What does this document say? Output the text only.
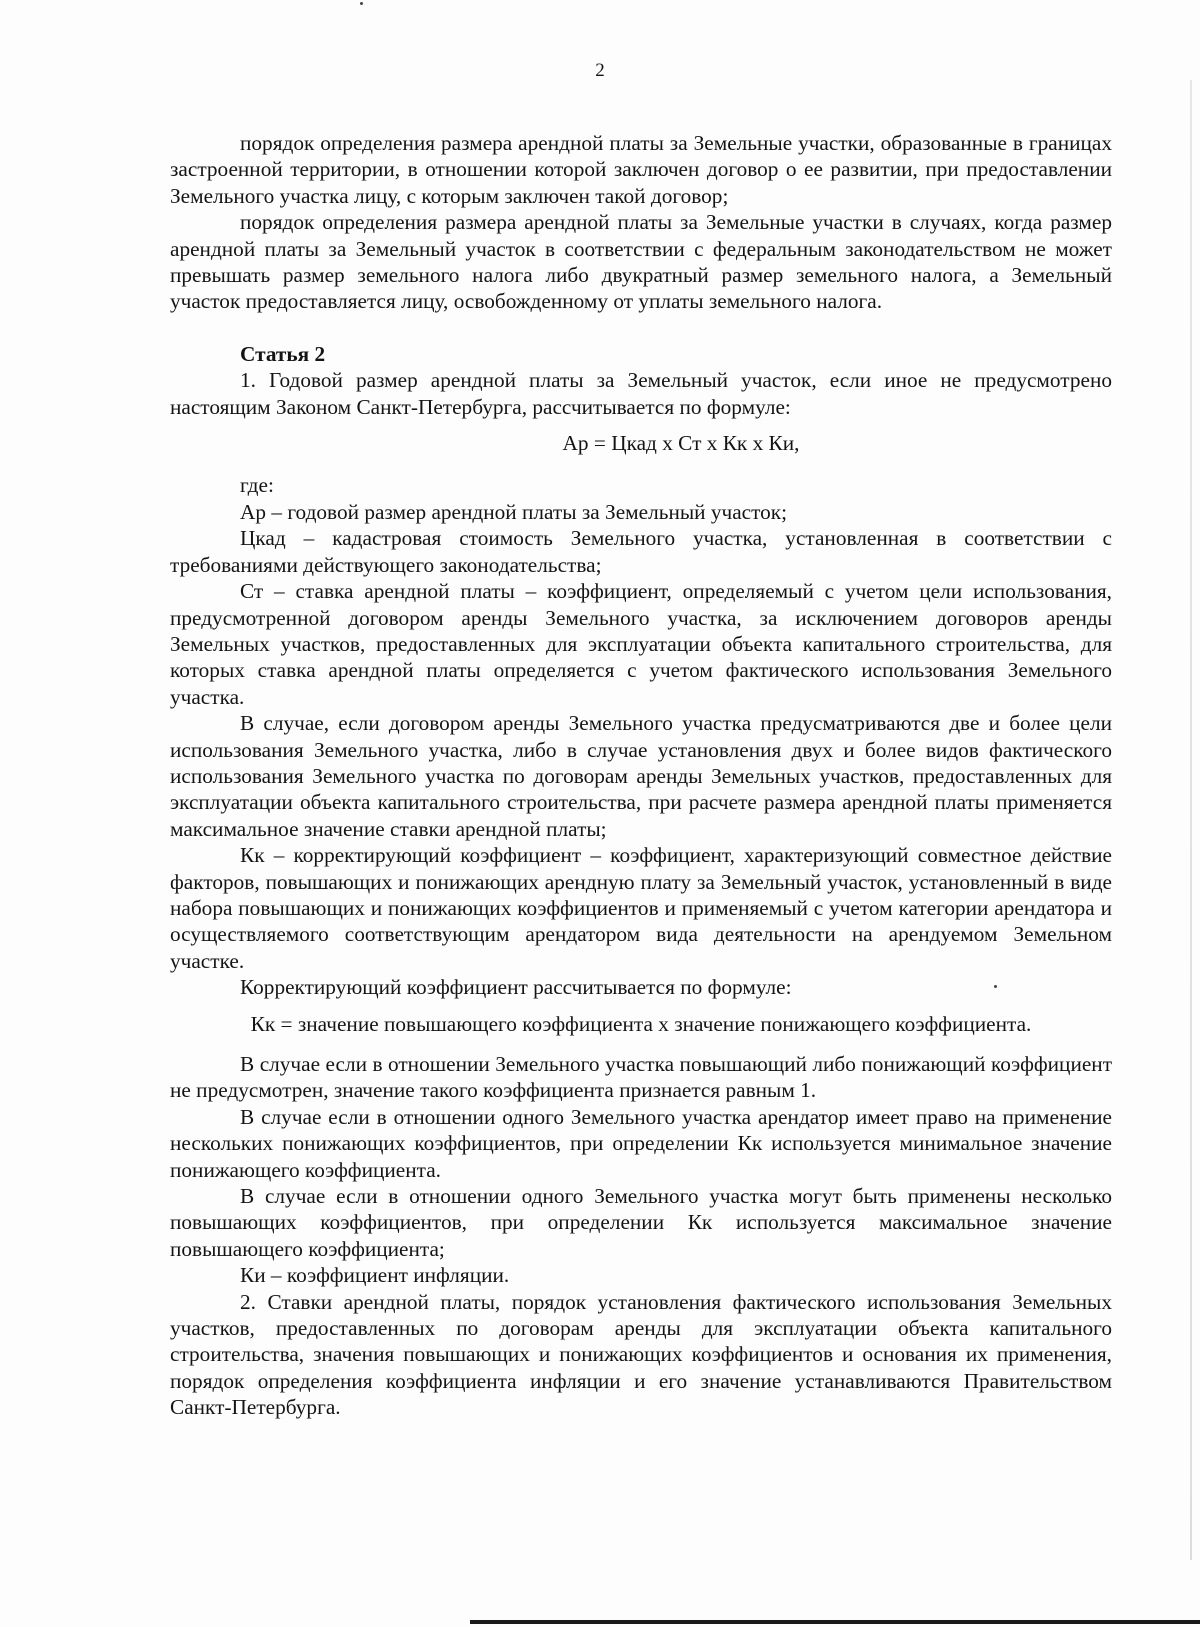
2

порядок определения размера арендной платы за Земельные участки, образованные в границах застроенной территории, в отношении которой заключен договор о ее развитии, при предоставлении Земельного участка лицу, с которым заключен такой договор;

порядок определения размера арендной платы за Земельные участки в случаях, когда размер арендной платы за Земельный участок в соответствии с федеральным законодательством не может превышать размер земельного налога либо двукратный размер земельного налога, а Земельный участок предоставляется лицу, освобожденному от уплаты земельного налога.

Статья 2

1. Годовой размер арендной платы за Земельный участок, если иное не предусмотрено настоящим Законом Санкт-Петербурга, рассчитывается по формуле:

Ар = Цкад х Ст х Кк х Ки,
где:

Ар – годовой размер арендной платы за Земельный участок;

Цкад – кадастровая стоимость Земельного участка, установленная в соответствии с требованиями действующего законодательства;

Ст – ставка арендной платы – коэффициент, определяемый с учетом цели использования, предусмотренной договором аренды Земельного участка, за исключением договоров аренды Земельных участков, предоставленных для эксплуатации объекта капитального строительства, для которых ставка арендной платы определяется с учетом фактического использования Земельного участка.

В случае, если договором аренды Земельного участка предусматриваются две и более цели использования Земельного участка, либо в случае установления двух и более видов фактического использования Земельного участка по договорам аренды Земельных участков, предоставленных для эксплуатации объекта капитального строительства, при расчете размера арендной платы применяется максимальное значение ставки арендной платы;

Кк – корректирующий коэффициент – коэффициент, характеризующий совместное действие факторов, повышающих и понижающих арендную плату за Земельный участок, установленный в виде набора повышающих и понижающих коэффициентов и применяемый с учетом категории арендатора и осуществляемого соответствующим арендатором вида деятельности на арендуемом Земельном участке.

Корректирующий коэффициент рассчитывается по формуле:

Кк = значение повышающего коэффициента х значение понижающего коэффициента.

В случае если в отношении Земельного участка повышающий либо понижающий коэффициент не предусмотрен, значение такого коэффициента признается равным 1.

В случае если в отношении одного Земельного участка арендатор имеет право на применение нескольких понижающих коэффициентов, при определении Кк используется минимальное значение понижающего коэффициента.

В случае если в отношении одного Земельного участка могут быть применены несколько повышающих коэффициентов, при определении Кк используется максимальное значение повышающего коэффициента;

Ки – коэффициент инфляции.

2. Ставки арендной платы, порядок установления фактического использования Земельных участков, предоставленных по договорам аренды для эксплуатации объекта капитального строительства, значения повышающих и понижающих коэффициентов и основания их применения, порядок определения коэффициента инфляции и его значение устанавливаются Правительством Санкт-Петербурга.
